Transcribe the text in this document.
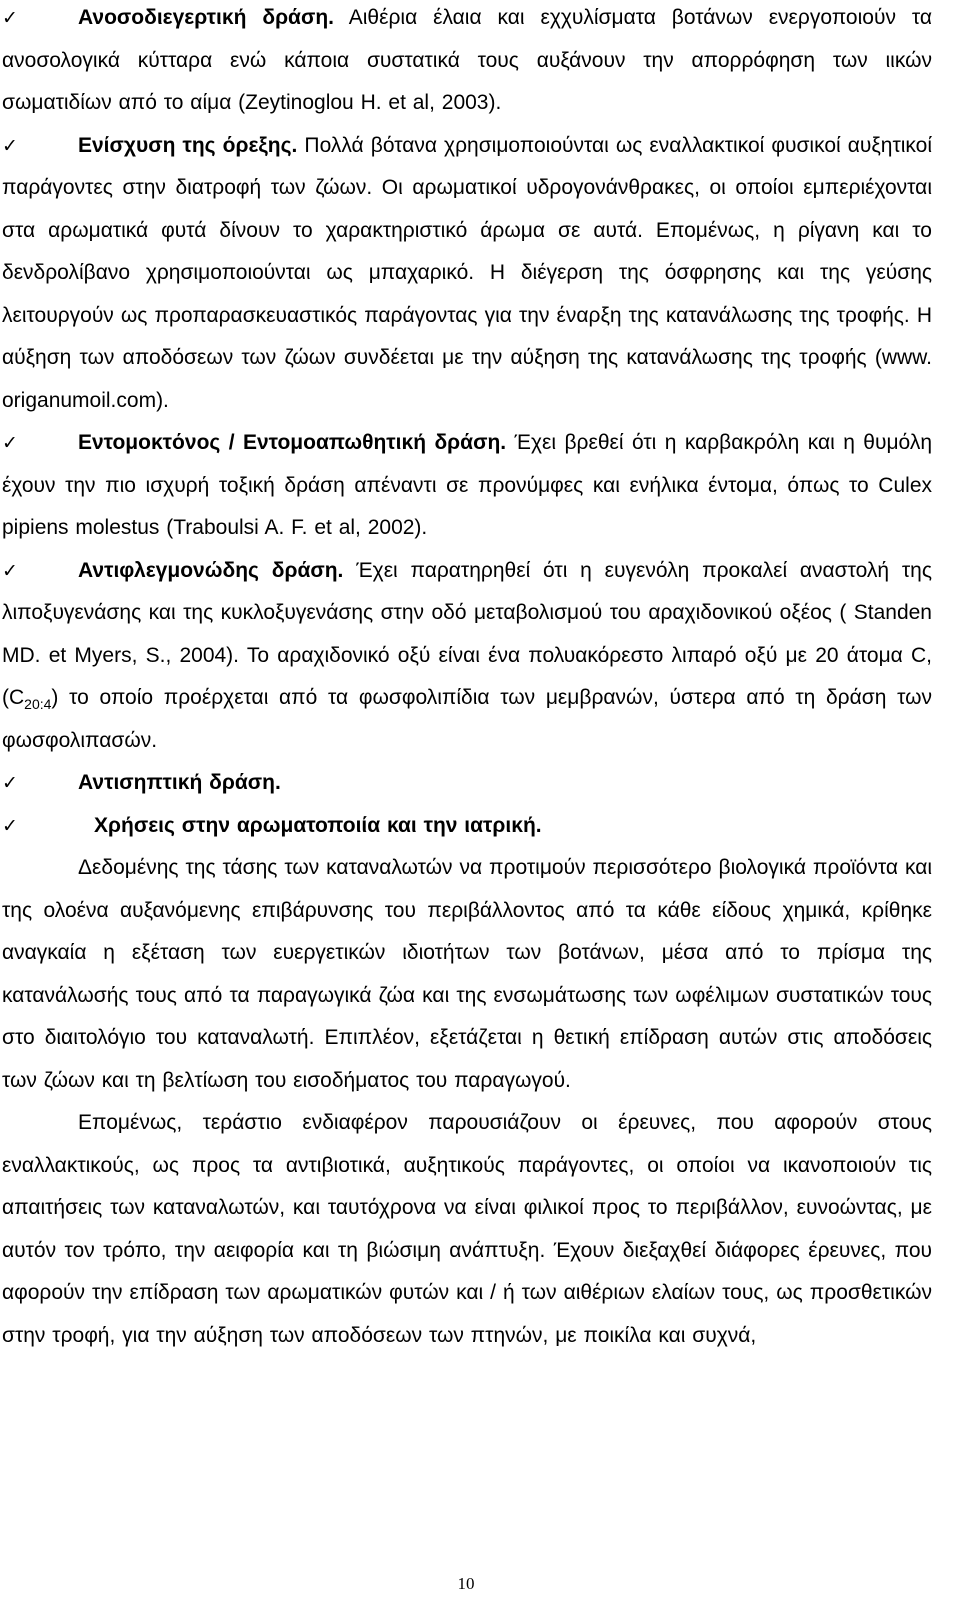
✓	Ανοσοδιεγερτική δράση. Αιθέρια έλαια και εχχυλίσματα βοτάνων ενεργοποιούν τα ανοσολογικά κύτταρα ενώ κάποια συστατικά τους αυξάνουν την απορρόφηση των ιικών σωματιδίων από το αίμα (Zeytinoglou H. et al, 2003).

✓	Ενίσχυση της όρεξης. Πολλά βότανα χρησιμοποιούνται ως εναλλακτικοί φυσικοί αυξητικοί παράγοντες στην διατροφή των ζώων. Οι αρωματικοί υδρογονάνθρακες, οι οποίοι εμπεριέχονται στα αρωματικά φυτά δίνουν το χαρακτηριστικό άρωμα σε αυτά. Επομένως, η ρίγανη και το δενδρολίβανο χρησιμοποιούνται ως μπαχαρικό. Η διέγερση της όσφρησης και της γεύσης λειτουργούν ως προπαρασκευαστικός παράγοντας για την έναρξη της κατανάλωσης της τροφής. Η αύξηση των αποδόσεων των ζώων συνδέεται με την αύξηση της κατανάλωσης της τροφής (www. origanumoil.com).

✓	Εντομοκτόνος / Εντομοαπωθητική δράση. Έχει βρεθεί ότι η καρβακρόλη και η θυμόλη έχουν την πιο ισχυρή τοξική δράση απέναντι σε προνύμφες και ενήλικα έντομα, όπως το Culex pipiens molestus (Traboulsi A. F. et al, 2002).

✓	Αντιφλεγμονώδης δράση. Έχει παρατηρηθεί ότι η ευγενόλη προκαλεί αναστολή της λιποξυγενάσης και της κυκλοξυγενάσης στην οδό μεταβολισμού του αραχιδονικού οξέος ( Standen MD. et Myers, S., 2004). Το αραχιδονικό οξύ είναι ένα πολυακόρεστο λιπαρό οξύ με 20 άτομα $C,(C_{20:4})$ το οποίο προέρχεται από τα φωσφολιπίδια των μεμβρανών, ύστερα από τη δράση των φωσφολιπασών.

✓	Αντισηπτική δράση.

✓	Χρήσεις στην αρωματοποιία και την ιατρική.

Δεδομένης της τάσης των καταναλωτών να προτιμούν περισσότερο βιολογικά προϊόντα και της ολοένα αυξανόμενης επιβάρυνσης του περιβάλλοντος από τα κάθε είδους χημικά, κρίθηκε αναγκαία η εξέταση των ευεργετικών ιδιοτήτων των βοτάνων, μέσα από το πρίσμα της κατανάλωσής τους από τα παραγωγικά ζώα και της ενσωμάτωσης των ωφέλιμων συστατικών τους στο διαιτολόγιο του καταναλωτή. Επιπλέον, εξετάζεται η θετική επίδραση αυτών στις αποδόσεις των ζώων και τη βελτίωση του εισοδήματος του παραγωγού.

Επομένως, τεράστιο ενδιαφέρον παρουσιάζουν οι έρευνες, που αφορούν στους εναλλακτικούς, ως προς τα αντιβιοτικά, αυξητικούς παράγοντες, οι οποίοι να ικανοποιούν τις απαιτήσεις των καταναλωτών, και ταυτόχρονα να είναι φιλικοί προς το περιβάλλον, ευνοώντας, με αυτόν τον τρόπο, την αειφορία και τη βιώσιμη ανάπτυξη. Έχουν διεξαχθεί διάφορες έρευνες, που αφορούν την επίδραση των αρωματικών φυτών και / ή των αιθέριων ελαίων τους, ως προσθετικών στην τροφή, για την αύξηση των αποδόσεων των πτηνών, με ποικίλα και συχνά,

10
